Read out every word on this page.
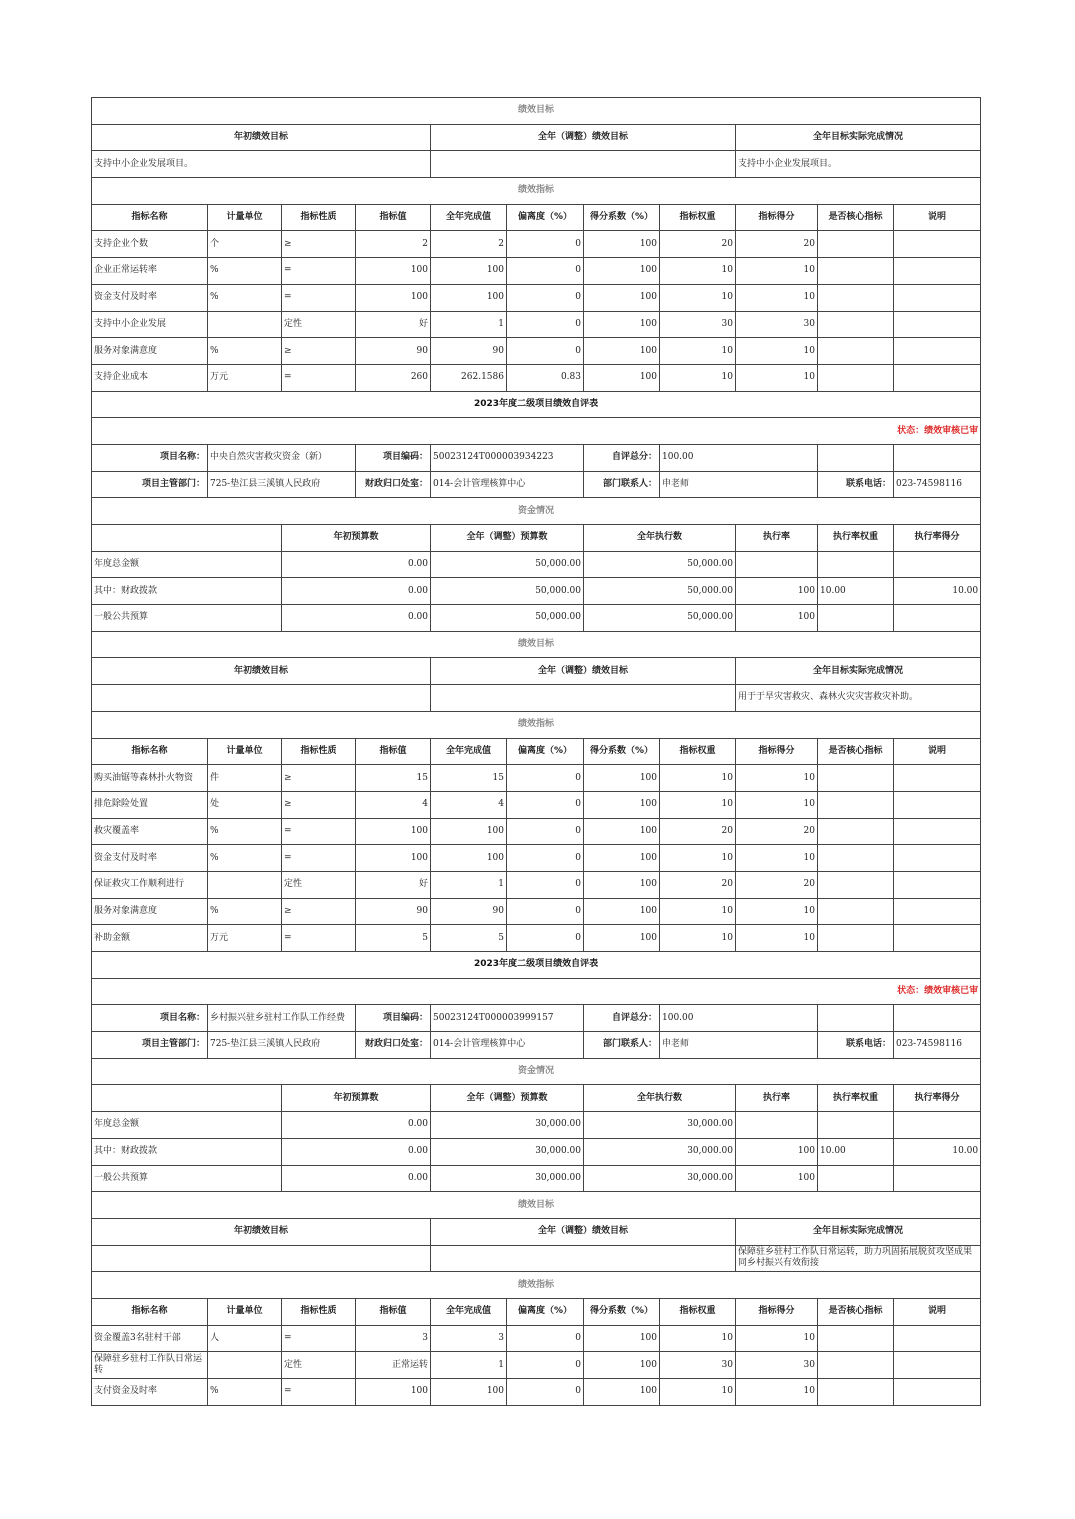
绩效目标										
年初绩效目标				全年（调整）绩效目标				全年目标实际完成情况		
支持中小企业发展项目。								支持中小企业发展项目。		
绩效指标										
指标名称	计量单位	指标性质	指标值	全年完成值	偏离度（%）	得分系数（%）	指标权重	指标得分	是否核心指标	说明
支持企业个数	个	≥	2	2	0	100	20	20		
企业正常运转率	%	=	100	100	0	100	10	10		
资金支付及时率	%	=	100	100	0	100	10	10		
支持中小企业发展		定性	好	1	0	100	30	30		
服务对象满意度	%	≥	90	90	0	100	10	10		
支持企业成本	万元	=	260	262.1586	0.83	100	10	10		
2023年度二级项目绩效自评表										
状态：绩效审核已审										
项目名称：	中央自然灾害救灾资金（新）		项目编码：	50023124T000003934223		自评总分：	100.00			
项目主管部门：	725-垫江县三溪镇人民政府		财政归口处室：	014-会计管理核算中心		部门联系人：	申老师		联系电话：	023-74598116
资金情况										
		年初预算数		全年（调整）预算数		全年执行数		执行率	执行率权重	执行率得分
年度总金额		0.00		50,000.00		50,000.00				
其中：财政拨款		0.00		50,000.00		50,000.00		100	10.00	10.00
一般公共预算		0.00		50,000.00		50,000.00		100		
绩效目标										
年初绩效目标				全年（调整）绩效目标				全年目标实际完成情况		
								用于于旱灾害救灾、森林火灾灾害救灾补助。		
绩效指标										
指标名称	计量单位	指标性质	指标值	全年完成值	偏离度（%）	得分系数（%）	指标权重	指标得分	是否核心指标	说明
购买油锯等森林扑火物资	件	≥	15	15	0	100	10	10		
排危除险处置	处	≥	4	4	0	100	10	10		
救灾覆盖率	%	=	100	100	0	100	20	20		
资金支付及时率	%	=	100	100	0	100	10	10		
保证救灾工作顺利进行		定性	好	1	0	100	20	20		
服务对象满意度	%	≥	90	90	0	100	10	10		
补助金额	万元	=	5	5	0	100	10	10		
2023年度二级项目绩效自评表										
状态：绩效审核已审										
项目名称：	乡村振兴驻乡驻村工作队工作经费		项目编码：	50023124T000003999157		自评总分：	100.00			
项目主管部门：	725-垫江县三溪镇人民政府		财政归口处室：	014-会计管理核算中心		部门联系人：	申老师		联系电话：	023-74598116
资金情况										
		年初预算数		全年（调整）预算数		全年执行数		执行率	执行率权重	执行率得分
年度总金额		0.00		30,000.00		30,000.00				
其中：财政拨款		0.00		30,000.00		30,000.00		100	10.00	10.00
一般公共预算		0.00		30,000.00		30,000.00		100		
绩效目标										
年初绩效目标				全年（调整）绩效目标				全年目标实际完成情况		
								保障驻乡驻村工作队日常运转，助力巩固拓展脱贫攻坚成果同乡村振兴有效衔接		
绩效指标										
指标名称	计量单位	指标性质	指标值	全年完成值	偏离度（%）	得分系数（%）	指标权重	指标得分	是否核心指标	说明
资金覆盖3名驻村干部	人	=	3	3	0	100	10	10		
保障驻乡驻村工作队日常运转		定性	正常运转	1	0	100	30	30		
支付资金及时率	%	=	100	100	0	100	10	10		
